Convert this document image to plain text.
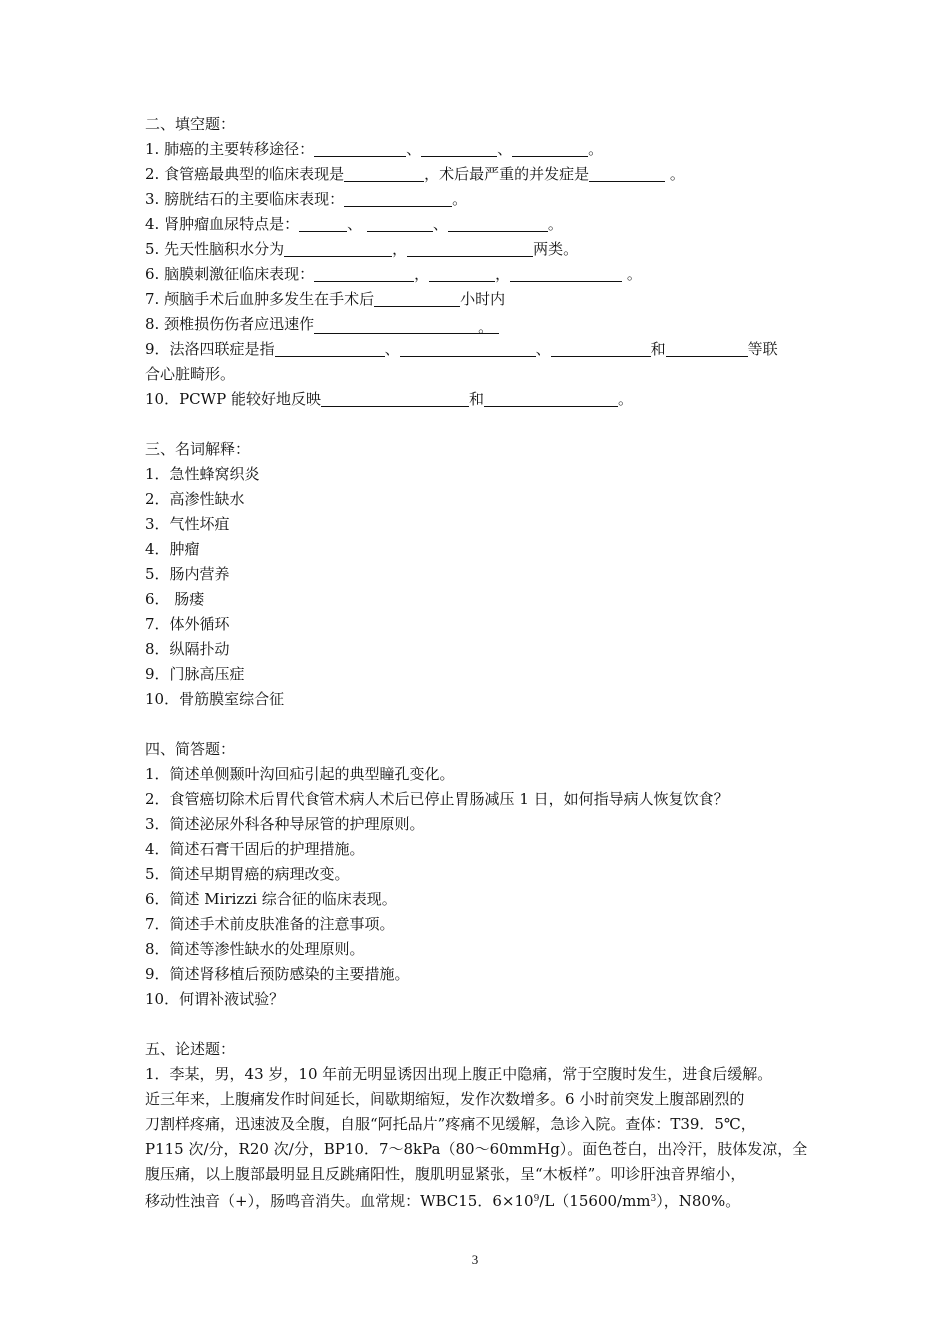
二、填空题：
1. 肺癌的主要转移途径：	、	、	。
2. 食管癌最典型的临床表现是	，术后最严重的并发症是	。
3. 膀胱结石的主要临床表现：	。
4. 肾肿瘤血尿特点是：	、	、	。
5. 先天性脑积水分为	，	两类。
6. 脑膜刺激征临床表现：	，	，	。
7. 颅脑手术后血肿多发生在手术后	小时内
8. 颈椎损伤伤者应迅速作	。
9．法洛四联症是指	、	、	和	等联
合心脏畸形。
10．PCWP 能较好地反映	和	。
三、名词解释：
1．急性蜂窝织炎
2．高渗性缺水
3．气性坏疽
4．肿瘤
5．肠内营养
6． 肠瘘
7．体外循环
8．纵隔扑动
9．门脉高压症
10．骨筋膜室综合征
四、简答题：
1．简述单侧颞叶沟回疝引起的典型瞳孔变化。
2．食管癌切除术后胃代食管术病人术后已停止胃肠减压 1 日，如何指导病人恢复饮食？
3．简述泌尿外科各种导尿管的护理原则。
4．简述石膏干固后的护理措施。
5．简述早期胃癌的病理改变。
6．简述 Mirizzi 综合征的临床表现。
7．简述手术前皮肤准备的注意事项。
8．简述等渗性缺水的处理原则。
9．简述肾移植后预防感染的主要措施。
10．何谓补液试验？
五、论述题：
1．李某，男，43 岁，10 年前无明显诱因出现上腹正中隐痛，常于空腹时发生，进食后缓解。
近三年来，上腹痛发作时间延长，间歇期缩短，发作次数增多。6 小时前突发上腹部剧烈的
刀割样疼痛，迅速波及全腹，自服“阿托品片”疼痛不见缓解，急诊入院。查体：T39．5℃，
P115 次/分，R20 次/分，BP10．7～8kPa（80～60mmHg）。面色苍白，出冷汗，肢体发凉，全
腹压痛，以上腹部最明显且反跳痛阳性，腹肌明显紧张，呈“木板样”。叩诊肝浊音界缩小，
移动性浊音（+），肠鸣音消失。血常规：WBC15．$6\times 10^9/L(15600/mm^3)$，N80%。
3
